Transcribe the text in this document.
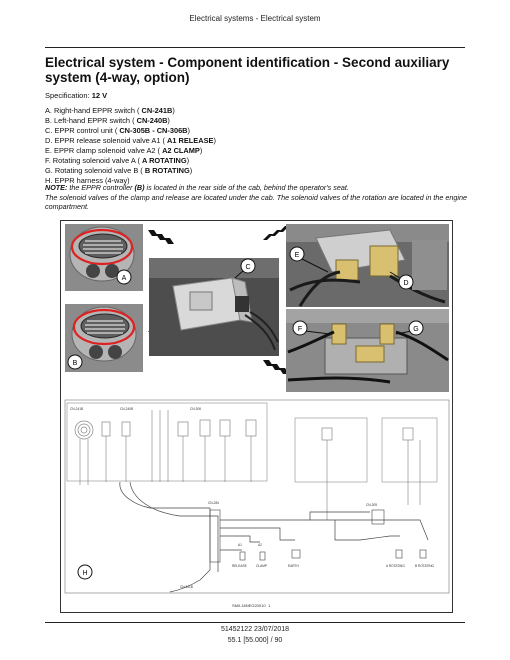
Electrical systems - Electrical system
Electrical system - Component identification - Second auxiliary system (4-way, option)
Specification: 12 V
A. Right-hand EPPR switch ( CN-241B)
B. Left-hand EPPR switch ( CN-240B)
C. EPPR control unit ( CN-305B - CN-306B)
D. EPPR release solenoid valve A1 ( A1 RELEASE)
E. EPPR clamp solenoid valve A2 ( A2 CLAMP)
F. Rotating solenoid valve A ( A ROTATING)
G. Rotating solenoid valve B ( B ROTATING)
H. EPPR harness (4-way)
NOTE: the EPPR controller (B) is located in the rear side of the cab, behind the operator's seat.
The solenoid valves of the clamp and release are located under the cab. The solenoid valves of the rotation are located in the engine compartment.
A
B
C
E
D
F	G
H
CN-284	CN-305
CN-511B
A1	A2
RELEASE	CLAMP	EARTH	A ROTATING	B ROTATING
CN-241B	CN-240B	CN-306
SMIL18NEG20010 1
51452122 23/07/2018
55.1 [55.000] / 90
